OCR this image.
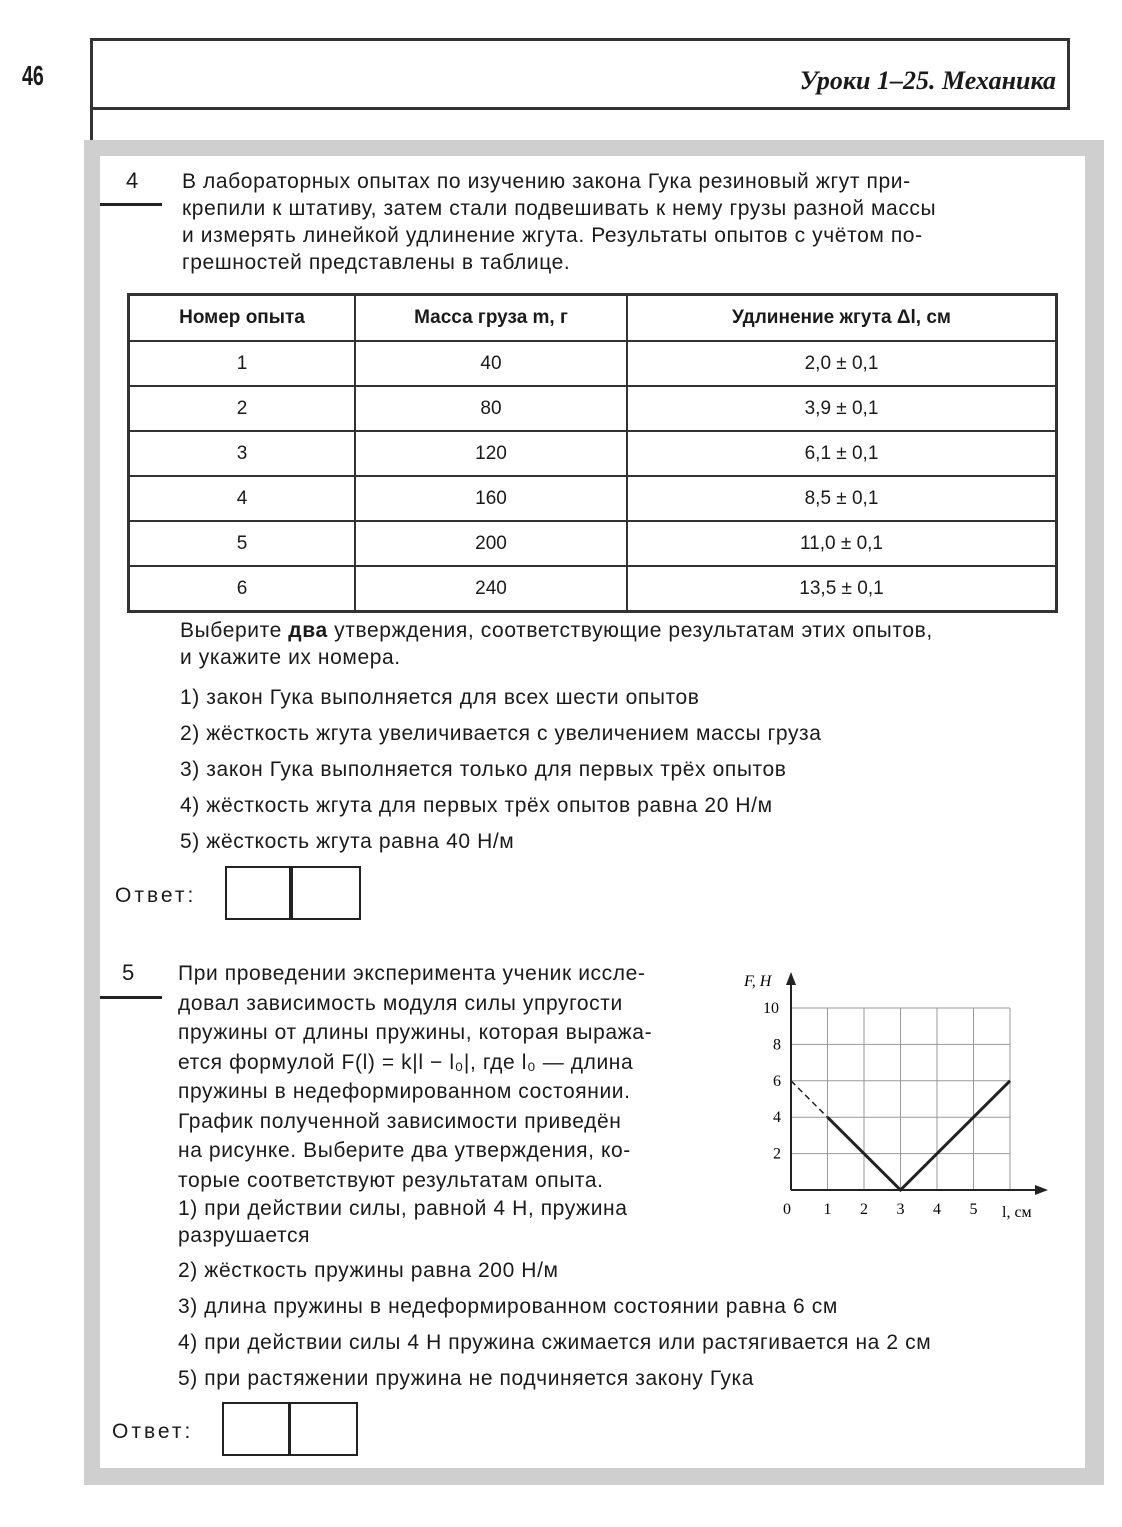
46	Уроки 1–25. Механика
4 В лабораторных опытах по изучению закона Гука резиновый жгут при-
крепили к штативу, затем стали подвешивать к нему грузы разной массы
и измерять линейкой удлинение жгута. Результаты опытов с учётом по-
грешностей представлены в таблице.
Номер опыта	Масса груза m, г	Удлинение жгута Δl, см
1	40	2,0 ± 0,1
2	80	3,9 ± 0,1
3	120	6,1 ± 0,1
4	160	8,5 ± 0,1
5	200	11,0 ± 0,1
6	240	13,5 ± 0,1
Выберите два утверждения, соответствующие результатам этих опытов,
и укажите их номера.
1) закон Гука выполняется для всех шести опытов
2) жёсткость жгута увеличивается с увеличением массы груза
3) закон Гука выполняется только для первых трёх опытов
4) жёсткость жгута для первых трёх опытов равна 20 Н/м
5) жёсткость жгута равна 40 Н/м
Ответ:
5 При проведении эксперимента ученик иссле-
довал зависимость модуля силы упругости
пружины от длины пружины, которая выража-
ется формулой F(l) = k|l − l₀|, где l₀ — длина
пружины в недеформированном состоянии.
График полученной зависимости приведён
на рисунке. Выберите два утверждения, ко-
торые соответствуют результатам опыта.
1) при действии силы, равной 4 Н, пружина
разрушается
2) жёсткость пружины равна 200 Н/м
3) длина пружины в недеформированном состоянии равна 6 см
4) при действии силы 4 Н пружина сжимается или растягивается на 2 см
5) при растяжении пружина не подчиняется закону Гука
Ответ:
0 1 2 3 4 5
2
4
6
8
10
F, Н
l, см
